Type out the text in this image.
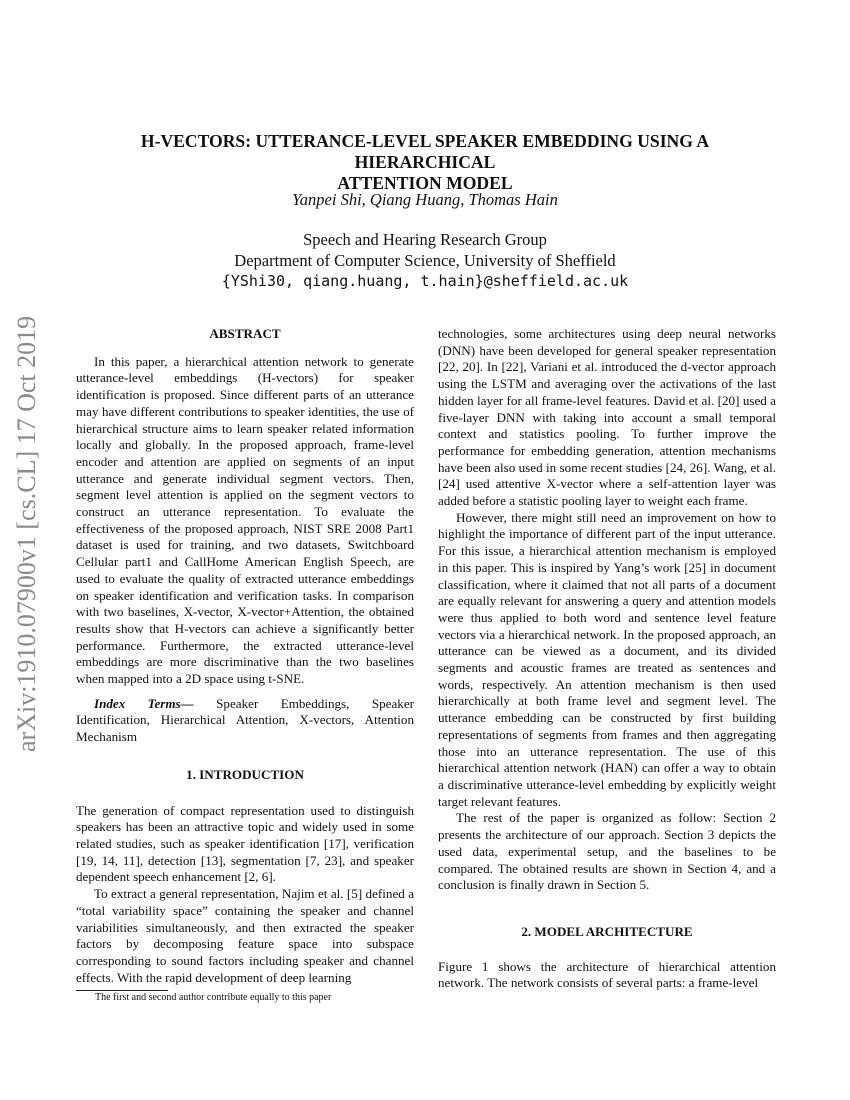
arXiv:1910.07900v1 [cs.CL] 17 Oct 2019
H-VECTORS: UTTERANCE-LEVEL SPEAKER EMBEDDING USING A HIERARCHICAL
ATTENTION MODEL
Yanpei Shi, Qiang Huang, Thomas Hain
Speech and Hearing Research Group
Department of Computer Science, University of Sheffield
{YShi30, qiang.huang, t.hain}@sheffield.ac.uk

ABSTRACT

In this paper, a hierarchical attention network to generate utterance-level embeddings (H-vectors) for speaker identification is proposed. Since different parts of an utterance may have different contributions to speaker identities, the use of hierarchical structure aims to learn speaker related information locally and globally. In the proposed approach, frame-level encoder and attention are applied on segments of an input utterance and generate individual segment vectors. Then, segment level attention is applied on the segment vectors to construct an utterance representation. To evaluate the effectiveness of the proposed approach, NIST SRE 2008 Part1 dataset is used for training, and two datasets, Switchboard Cellular part1 and CallHome American English Speech, are used to evaluate the quality of extracted utterance embeddings on speaker identification and verification tasks. In comparison with two baselines, X-vector, X-vector+Attention, the obtained results show that H-vectors can achieve a significantly better performance. Furthermore, the extracted utterance-level embeddings are more discriminative than the two baselines when mapped into a 2D space using t-SNE.

Index Terms— Speaker Embeddings, Speaker Identification, Hierarchical Attention, X-vectors, Attention Mechanism

1. INTRODUCTION

The generation of compact representation used to distinguish speakers has been an attractive topic and widely used in some related studies, such as speaker identification [17], verification [19, 14, 11], detection [13], segmentation [7, 23], and speaker dependent speech enhancement [2, 6].

To extract a general representation, Najim et al. [5] defined a “total variability space” containing the speaker and channel variabilities simultaneously, and then extracted the speaker factors by decomposing feature space into subspace corresponding to sound factors including speaker and channel effects. With the rapid development of deep learning

The first and second author contribute equally to this paper

technologies, some architectures using deep neural networks (DNN) have been developed for general speaker representation [22, 20]. In [22], Variani et al. introduced the d-vector approach using the LSTM and averaging over the activations of the last hidden layer for all frame-level features. David et al. [20] used a five-layer DNN with taking into account a small temporal context and statistics pooling. To further improve the performance for embedding generation, attention mechanisms have been also used in some recent studies [24, 26]. Wang, et al. [24] used attentive X-vector where a self-attention layer was added before a statistic pooling layer to weight each frame.

However, there might still need an improvement on how to highlight the importance of different part of the input utterance. For this issue, a hierarchical attention mechanism is employed in this paper. This is inspired by Yang’s work [25] in document classification, where it claimed that not all parts of a document are equally relevant for answering a query and attention models were thus applied to both word and sentence level feature vectors via a hierarchical network. In the proposed approach, an utterance can be viewed as a document, and its divided segments and acoustic frames are treated as sentences and words, respectively. An attention mechanism is then used hierarchically at both frame level and segment level. The utterance embedding can be constructed by first building representations of segments from frames and then aggregating those into an utterance representation. The use of this hierarchical attention network (HAN) can offer a way to obtain a discriminative utterance-level embedding by explicitly weight target relevant features.

The rest of the paper is organized as follow: Section 2 presents the architecture of our approach. Section 3 depicts the used data, experimental setup, and the baselines to be compared. The obtained results are shown in Section 4, and a conclusion is finally drawn in Section 5.

2. MODEL ARCHITECTURE

Figure 1 shows the architecture of hierarchical attention network. The network consists of several parts: a frame-level
